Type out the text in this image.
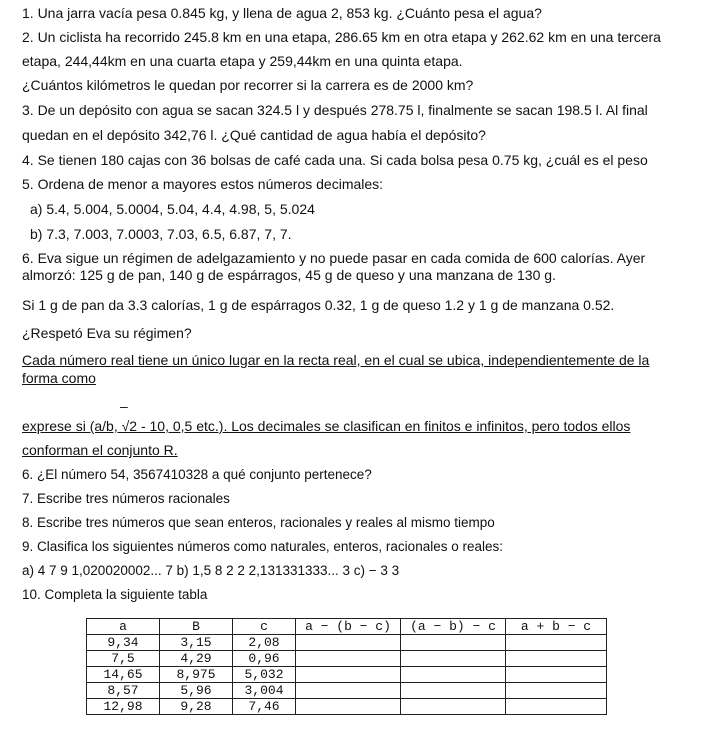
1. Una jarra vacía pesa 0.845 kg, y llena de agua 2, 853 kg. ¿Cuánto pesa el agua?
2. Un ciclista ha recorrido 245.8 km en una etapa, 286.65 km en otra etapa y 262.62 km en una tercera
etapa, 244,44km en una cuarta etapa y 259,44km en una quinta etapa.
¿Cuántos kilómetros le quedan por recorrer si la carrera es de 2000 km?
3. De un depósito con agua se sacan 324.5 l y después 278.75 l, finalmente se sacan 198.5 l. Al final
quedan en el depósito 342,76 l. ¿Qué cantidad de agua había el depósito?
4. Se tienen 180 cajas con 36 bolsas de café cada una. Si cada bolsa pesa 0.75 kg, ¿cuál es el peso
5. Ordena de menor a mayores estos números decimales:
a) 5.4, 5.004, 5.0004, 5.04, 4.4, 4.98, 5, 5.024
b) 7.3, 7.003, 7.0003, 7.03, 6.5, 6.87, 7, 7.
6. Eva sigue un régimen de adelgazamiento y no puede pasar en cada comida de 600 calorías. Ayer
almorzó: 125 g de pan, 140 g de espárragos, 45 g de queso y una manzana de 130 g.
Si 1 g de pan da 3.3 calorías, 1 g de espárragos 0.32, 1 g de queso 1.2 y 1 g de manzana 0.52.
¿Respetó Eva su régimen?
Cada número real tiene un único lugar en la recta real, en el cual se ubica, independientemente de la
forma como
–
exprese si (a/b, √2 - 10, 0,5 etc.). Los decimales se clasifican en finitos e infinitos, pero todos ellos
conforman el conjunto R.
6. ¿El número 54, 3567410328 a qué conjunto pertenece?
7. Escribe tres números racionales
8. Escribe tres números que sean enteros, racionales y reales al mismo tiempo
9. Clasifica los siguientes números como naturales, enteros, racionales o reales:
a) 4 7 9 1,020020002... 7 b) 1,5 8 2 2 2,131331333... 3 c) − 3 3
10. Completa la siguiente tabla
a	B	c	a − (b − c)	(a − b) − c	a + b − c
9,34	3,15	2,08			
7,5	4,29	0,96			
14,65	8,975	5,032			
8,57	5,96	3,004			
12,98	9,28	7,46			
